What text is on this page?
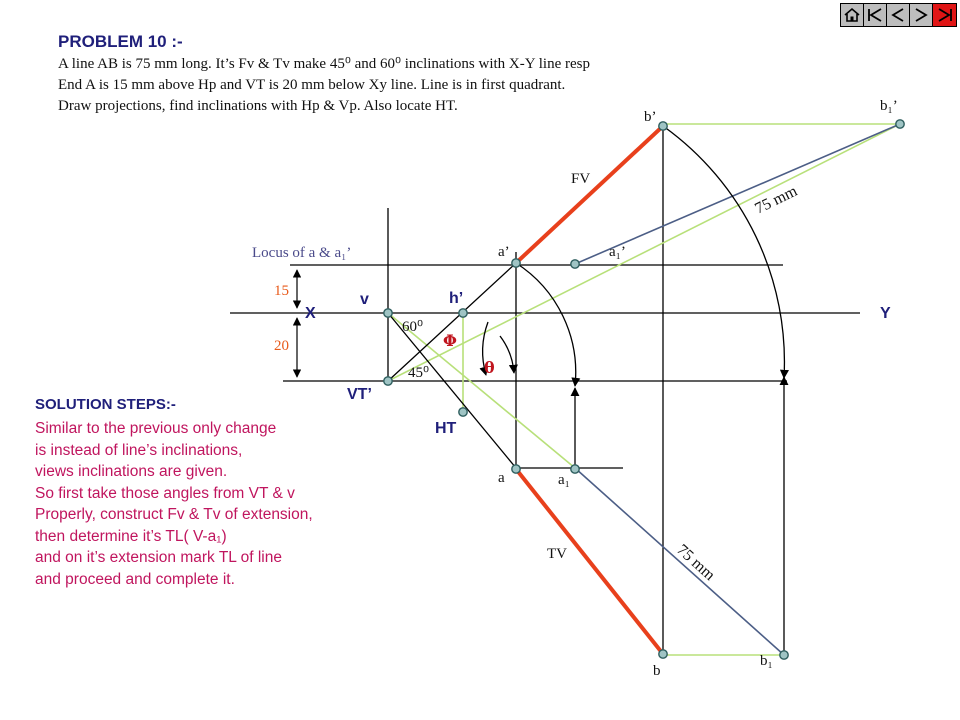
PROBLEM 10 :-

A line AB is 75 mm long. It’s Fv & Tv make 45⁰ and 60⁰ inclinations with X-Y line resp

End A is 15 mm above Hp and VT is 20 mm below Xy line. Line is in first quadrant.

Draw projections, find inclinations with Hp & Vp. Also locate HT.

X	Y
Locus of a & a₁’
15
20
v
VT’
h’
HT
a’	a₁’
b’
b₁’
a	a₁
b
b₁
FV
TV
75 mm
75 mm
60⁰
45⁰
Φ
θ
SOLUTION STEPS:-
Similar to the previous only change
is instead of line’s inclinations,
views inclinations are given.
So first take those angles from VT & v
Properly, construct Fv & Tv of extension,
then determine it’s TL( V-a₁)
and on it’s extension mark TL of line
and proceed and complete it.
